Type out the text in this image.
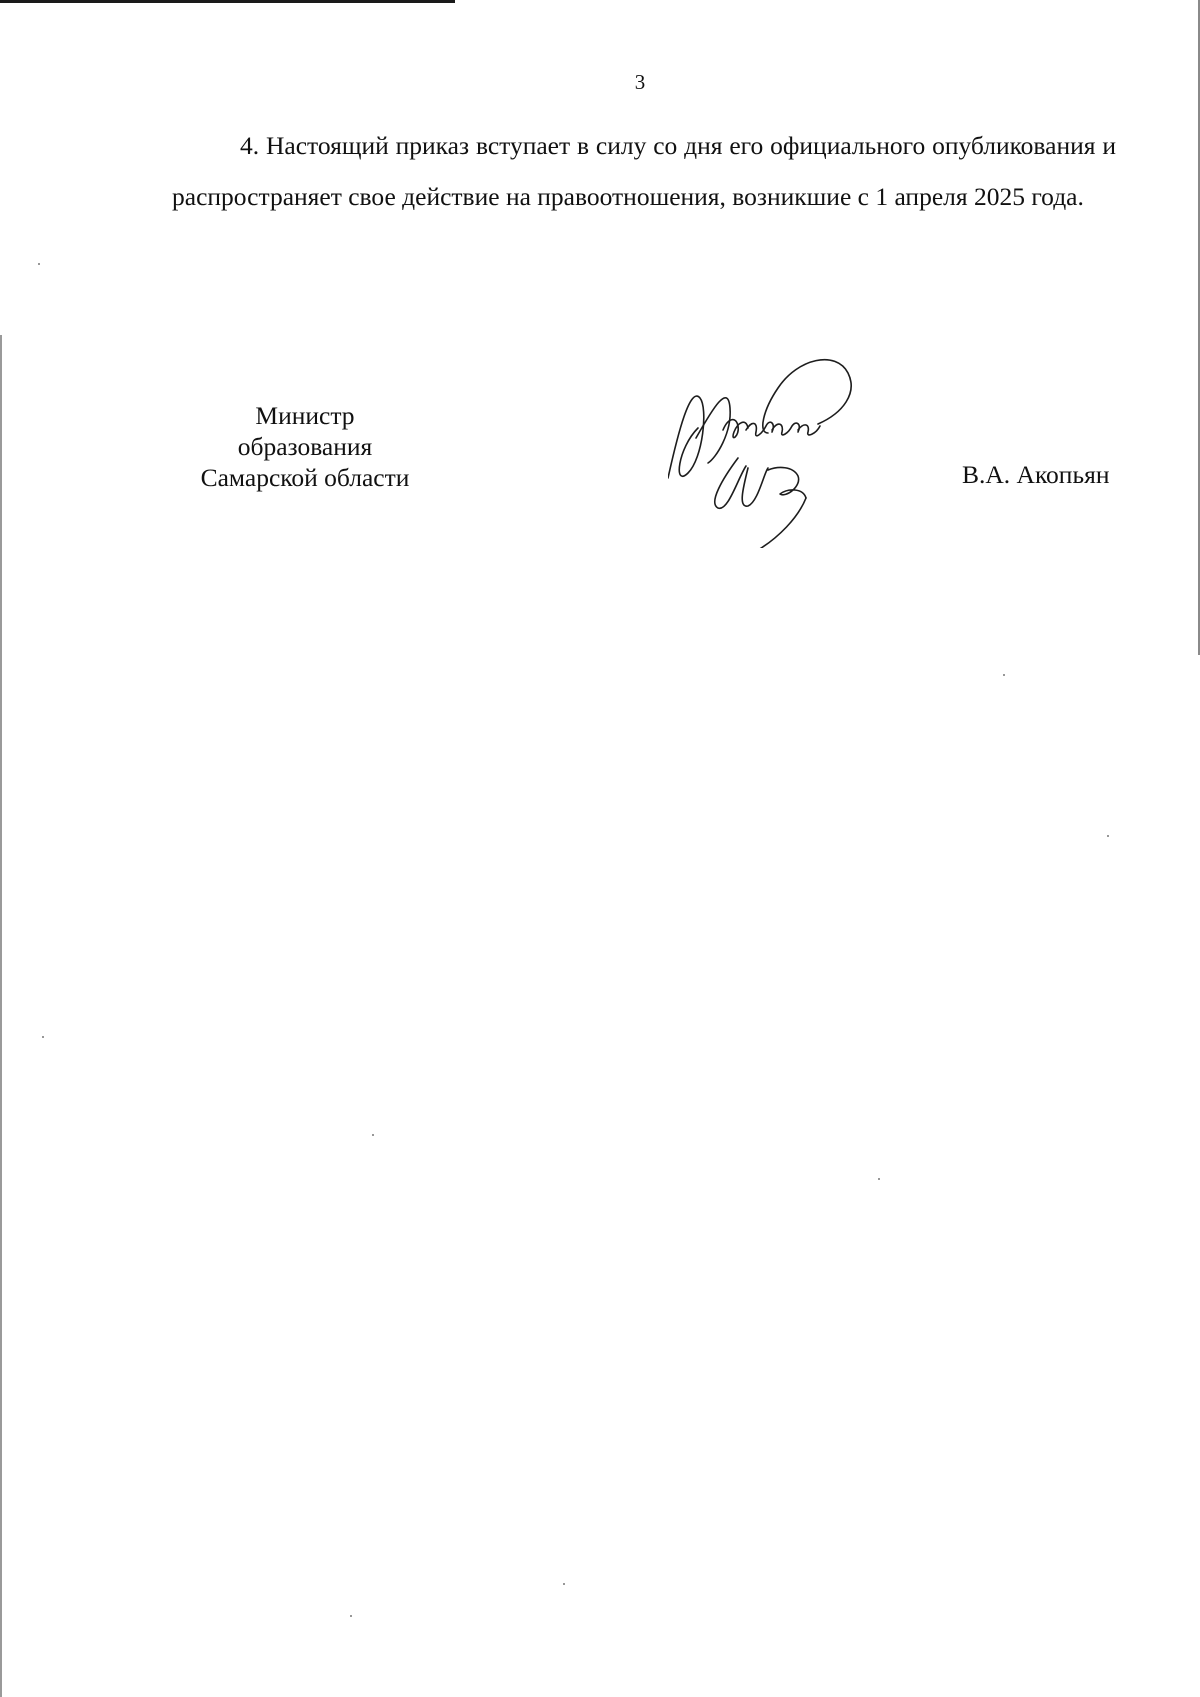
3

4. Настоящий приказ вступает в силу со дня его официального опубликования и распространяет свое действие на правоотношения, возникшие с 1 апреля 2025 года.

Министр
образования
Самарской области	В.А. Акопьян
